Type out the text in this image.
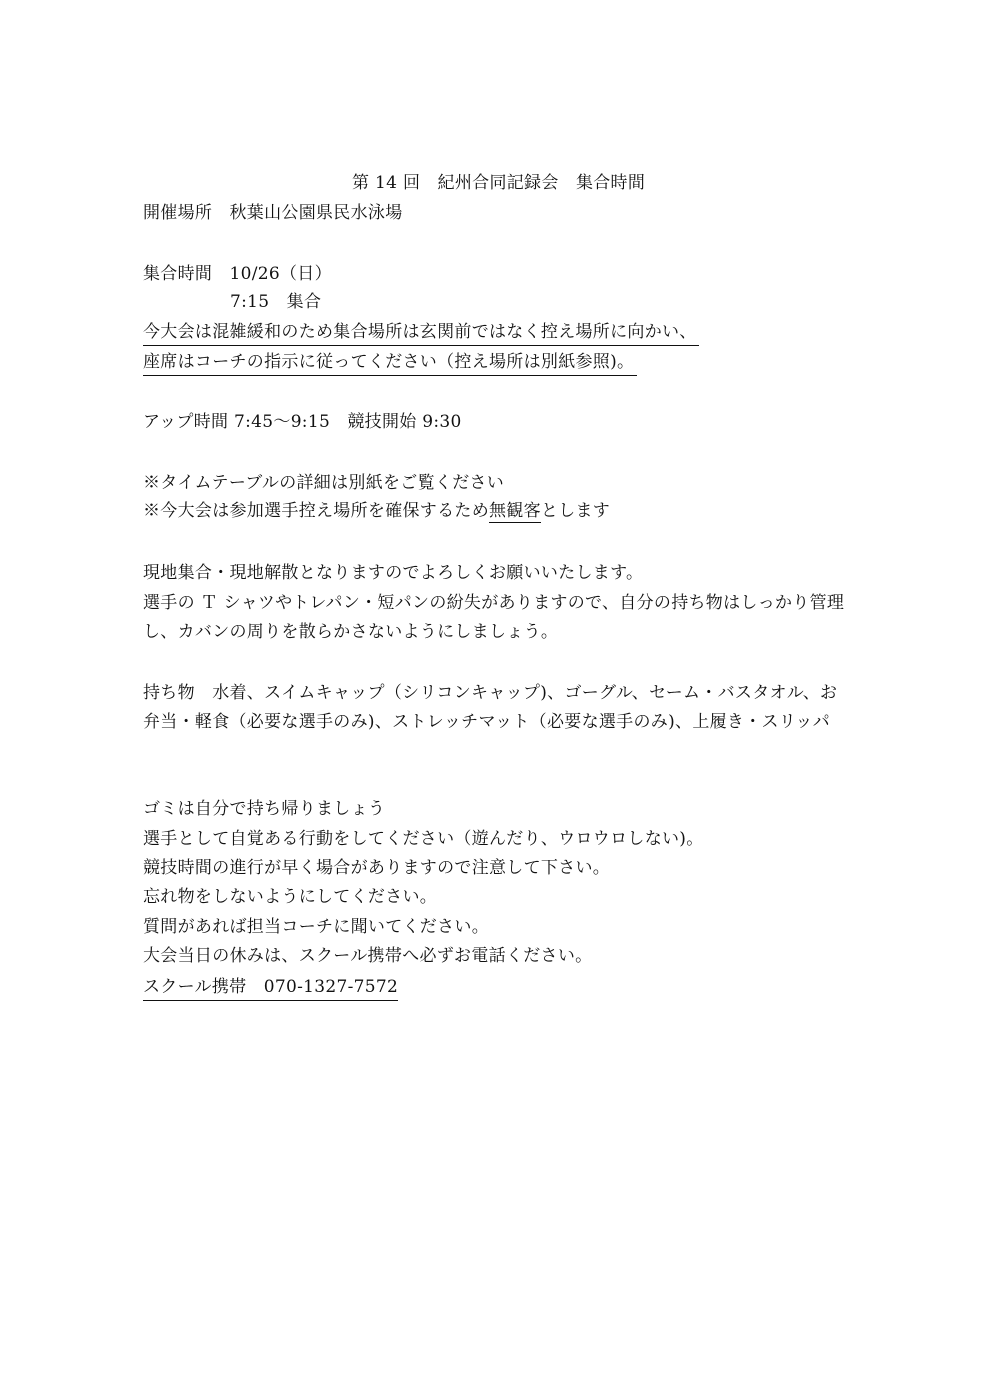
第 14 回　紀州合同記録会　集合時間
開催場所　秋葉山公園県民水泳場
集合時間　10/26（日）
7:15　集合
今大会は混雑緩和のため集合場所は玄関前ではなく控え場所に向かい、
座席はコーチの指示に従ってください（控え場所は別紙参照)。
アップ時間 7:45～9:15　競技開始 9:30
※タイムテーブルの詳細は別紙をご覧ください
※今大会は参加選手控え場所を確保するため無観客とします
現地集合・現地解散となりますのでよろしくお願いいたします。
選手の Ｔ シャツやトレパン・短パンの紛失がありますので、自分の持ち物はしっかり管理
し、カバンの周りを散らかさないようにしましょう。
持ち物　水着、スイムキャップ（シリコンキャップ)、ゴーグル、セーム・バスタオル、お
弁当・軽食（必要な選手のみ)、ストレッチマット（必要な選手のみ)、上履き・スリッパ
ゴミは自分で持ち帰りましょう
選手として自覚ある行動をしてください（遊んだり、ウロウロしない)。
競技時間の進行が早く場合がありますので注意して下さい。
忘れ物をしないようにしてください。
質問があれば担当コーチに聞いてください。
大会当日の休みは、スクール携帯へ必ずお電話ください。
スクール携帯　070-1327-7572
